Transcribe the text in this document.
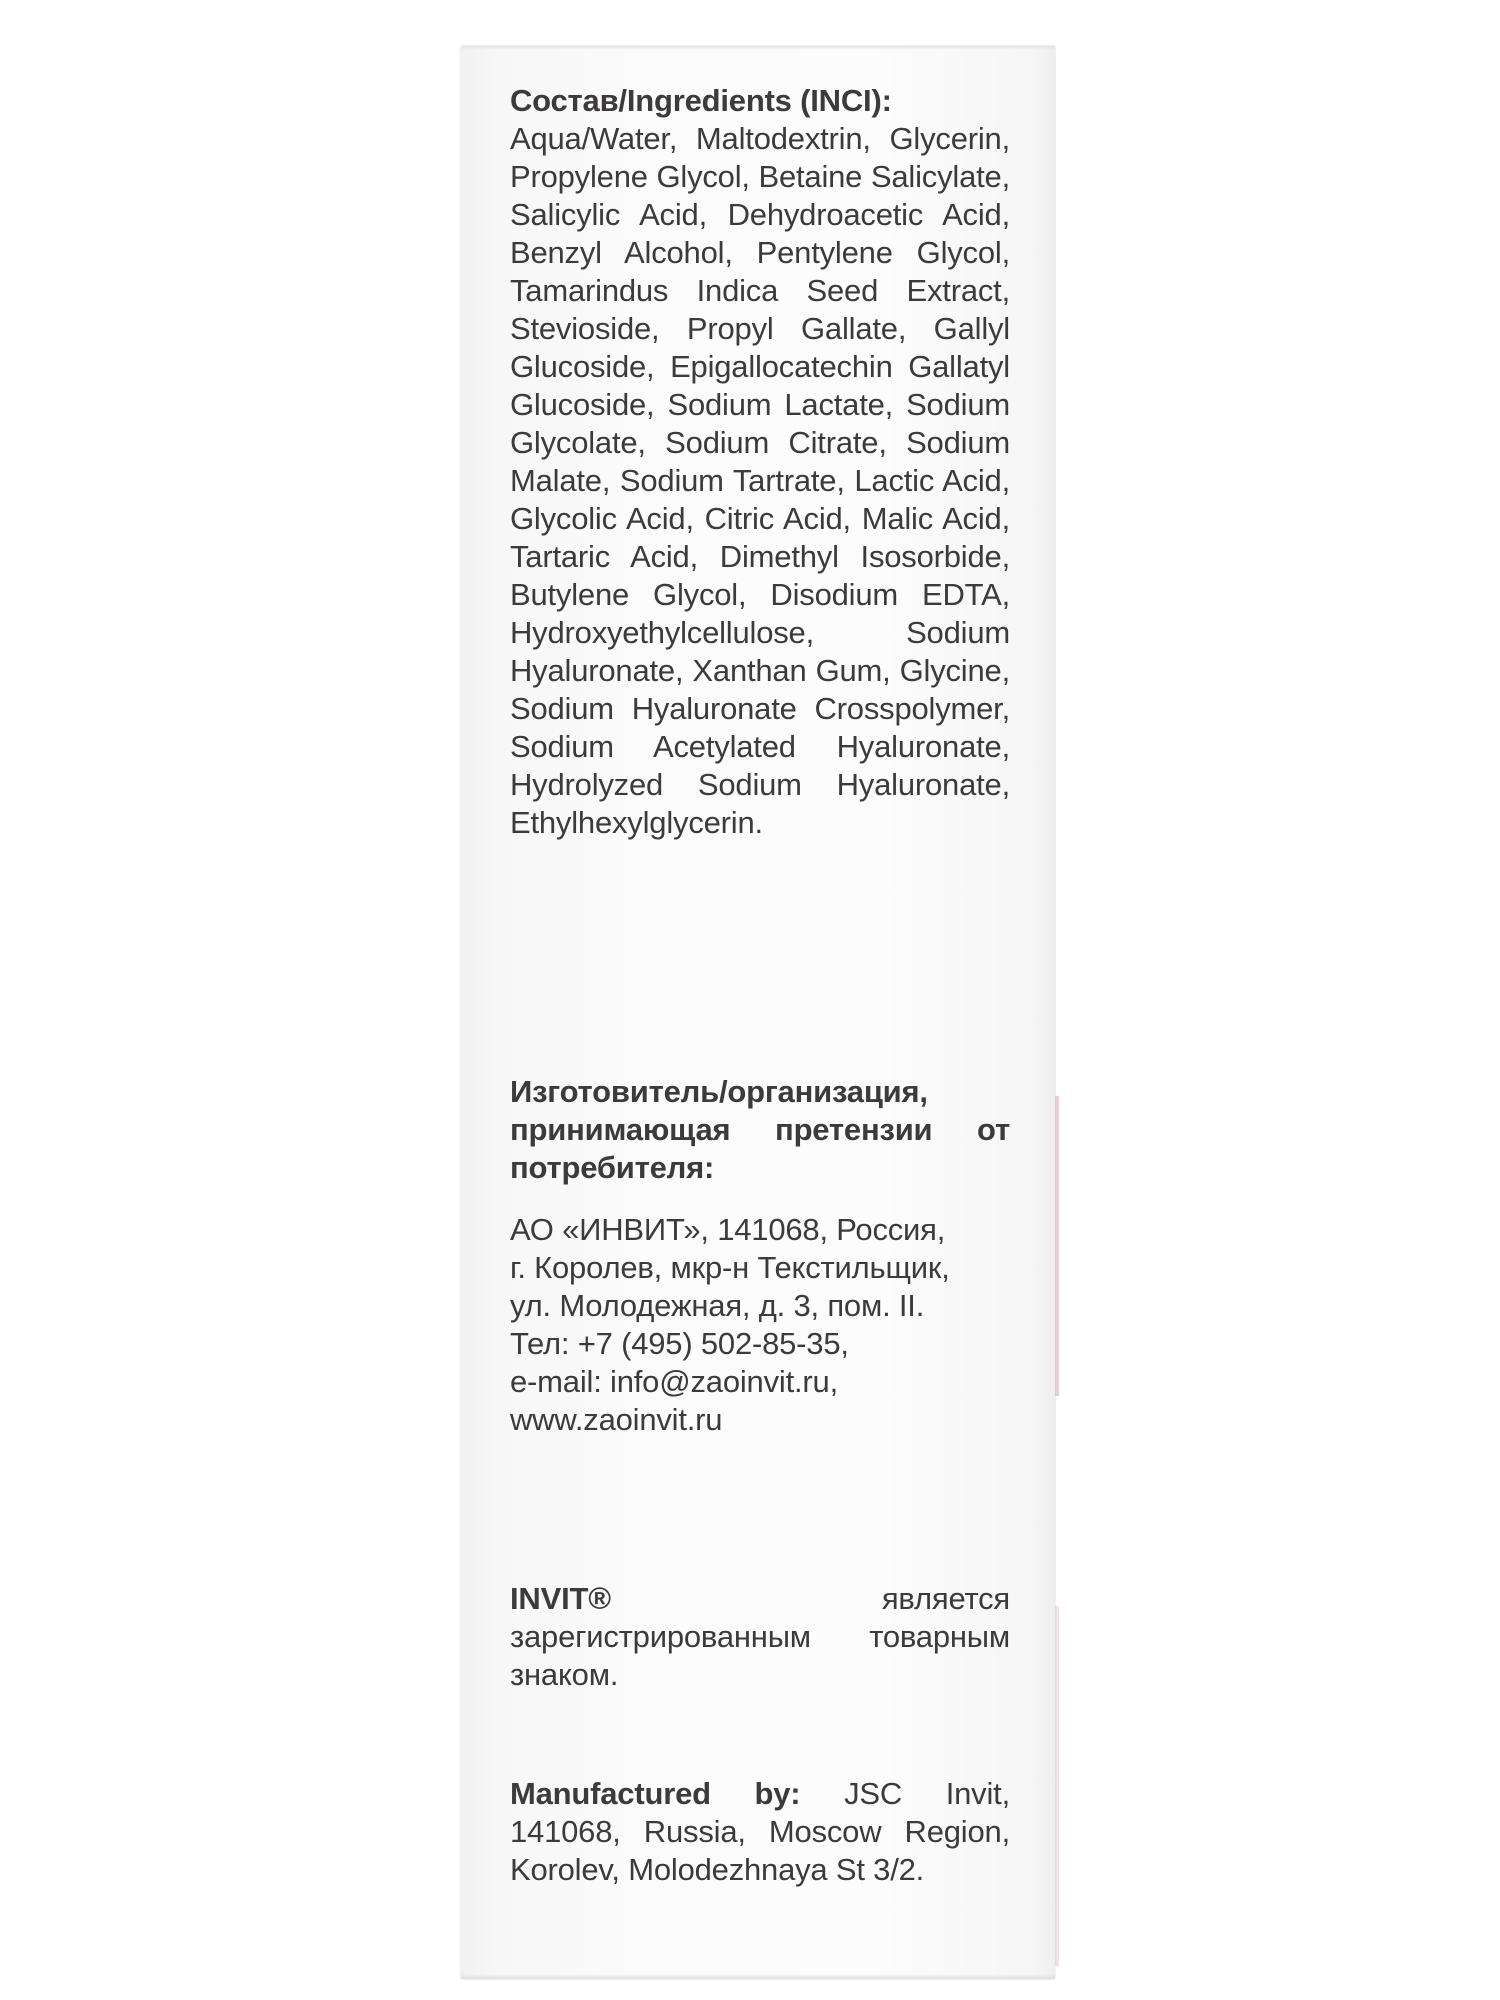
Состав/Ingredients (INCI):
Aqua/Water, Maltodextrin, Glycerin, Propylene Glycol, Betaine Salicylate, Salicylic Acid, Dehydroacetic Acid, Benzyl Alcohol, Pentylene Glycol, Tamarindus Indica Seed Extract, Stevioside, Propyl Gallate, Gallyl Glucoside, Epigallocatechin Gallatyl Glucoside, Sodium Lactate, Sodium Glycolate, Sodium Citrate, Sodium Malate, Sodium Tartrate, Lactic Acid, Glycolic Acid, Citric Acid, Malic Acid, Tartaric Acid, Dimethyl Isosorbide, Butylene Glycol, Disodium EDTA, Hydroxyethylcellulose, Sodium Hyaluronate, Xanthan Gum, Glycine, Sodium Hyaluronate Crosspolymer, Sodium Acetylated Hyaluronate, Hydrolyzed Sodium Hyaluronate, Ethylhexylglycerin.
Изготовитель/организация, принимающая претензии от потребителя:
АО «ИНВИТ», 141068, Россия,
г. Королев, мкр-н Текстильщик,
ул. Молодежная, д. 3, пом. II.
Тел: +7 (495) 502-85-35,
e-mail: info@zaoinvit.ru,
www.zaoinvit.ru
INVIT® является зарегистрированным товарным знаком.
Manufactured by: JSC Invit, 141068, Russia, Moscow Region, Korolev, Molodezhnaya St 3/2.
